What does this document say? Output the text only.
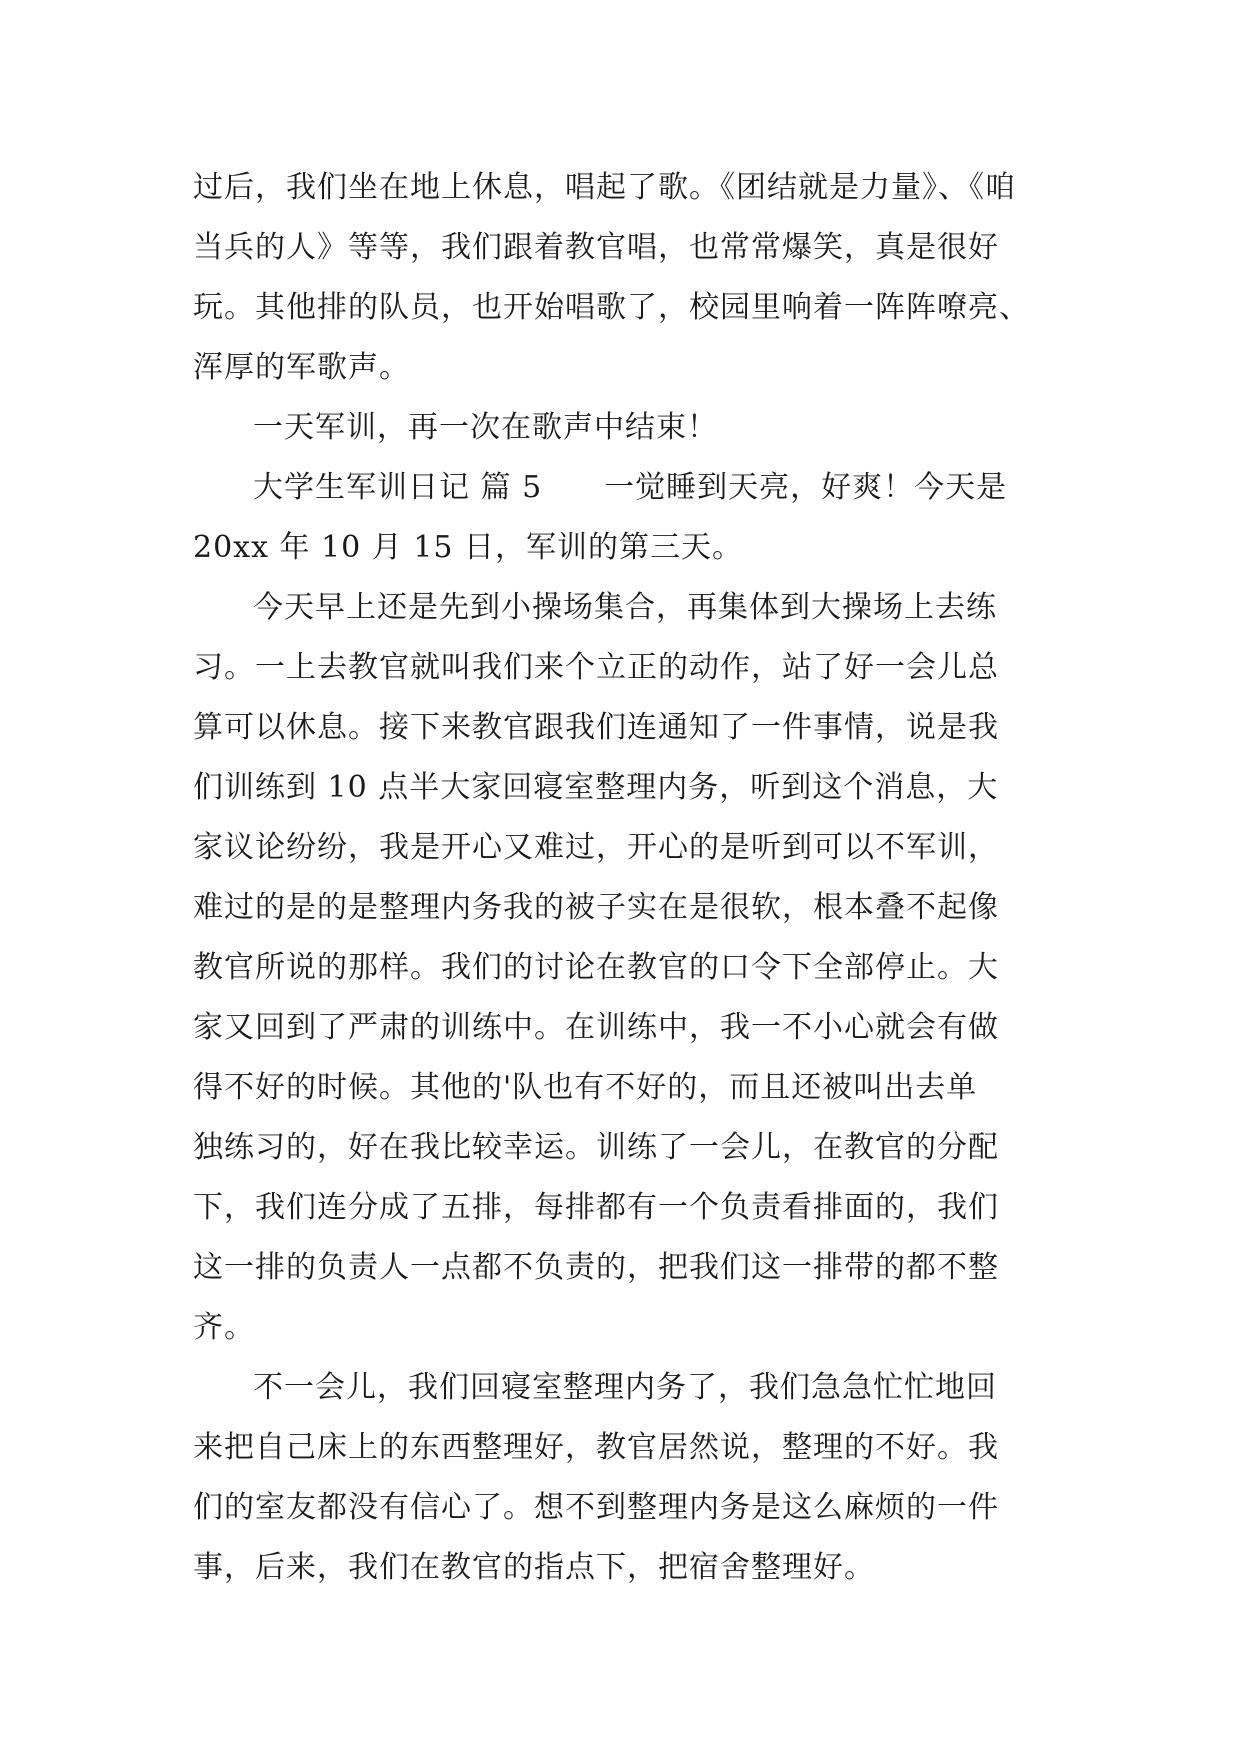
过后，我们坐在地上休息，唱起了歌。《团结就是力量》、《咱
当兵的人》等等，我们跟着教官唱，也常常爆笑，真是很好
玩。其他排的队员，也开始唱歌了，校园里响着一阵阵嘹亮、
浑厚的军歌声。

一天军训，再一次在歌声中结束！

大学生军训日记 篇 5　　一觉睡到天亮，好爽！今天是
20xx 年 10 月 15 日，军训的第三天。

今天早上还是先到小操场集合，再集体到大操场上去练
习。一上去教官就叫我们来个立正的动作，站了好一会儿总
算可以休息。接下来教官跟我们连通知了一件事情，说是我
们训练到 10 点半大家回寝室整理内务，听到这个消息，大
家议论纷纷，我是开心又难过，开心的是听到可以不军训，
难过的是的是整理内务我的被子实在是很软，根本叠不起像
教官所说的那样。我们的讨论在教官的口令下全部停止。大
家又回到了严肃的训练中。在训练中，我一不小心就会有做
得不好的时候。其他的'队也有不好的，而且还被叫出去单
独练习的，好在我比较幸运。训练了一会儿，在教官的分配
下，我们连分成了五排，每排都有一个负责看排面的，我们
这一排的负责人一点都不负责的，把我们这一排带的都不整
齐。

不一会儿，我们回寝室整理内务了，我们急急忙忙地回
来把自己床上的东西整理好，教官居然说，整理的不好。我
们的室友都没有信心了。想不到整理内务是这么麻烦的一件
事，后来，我们在教官的指点下，把宿舍整理好。
